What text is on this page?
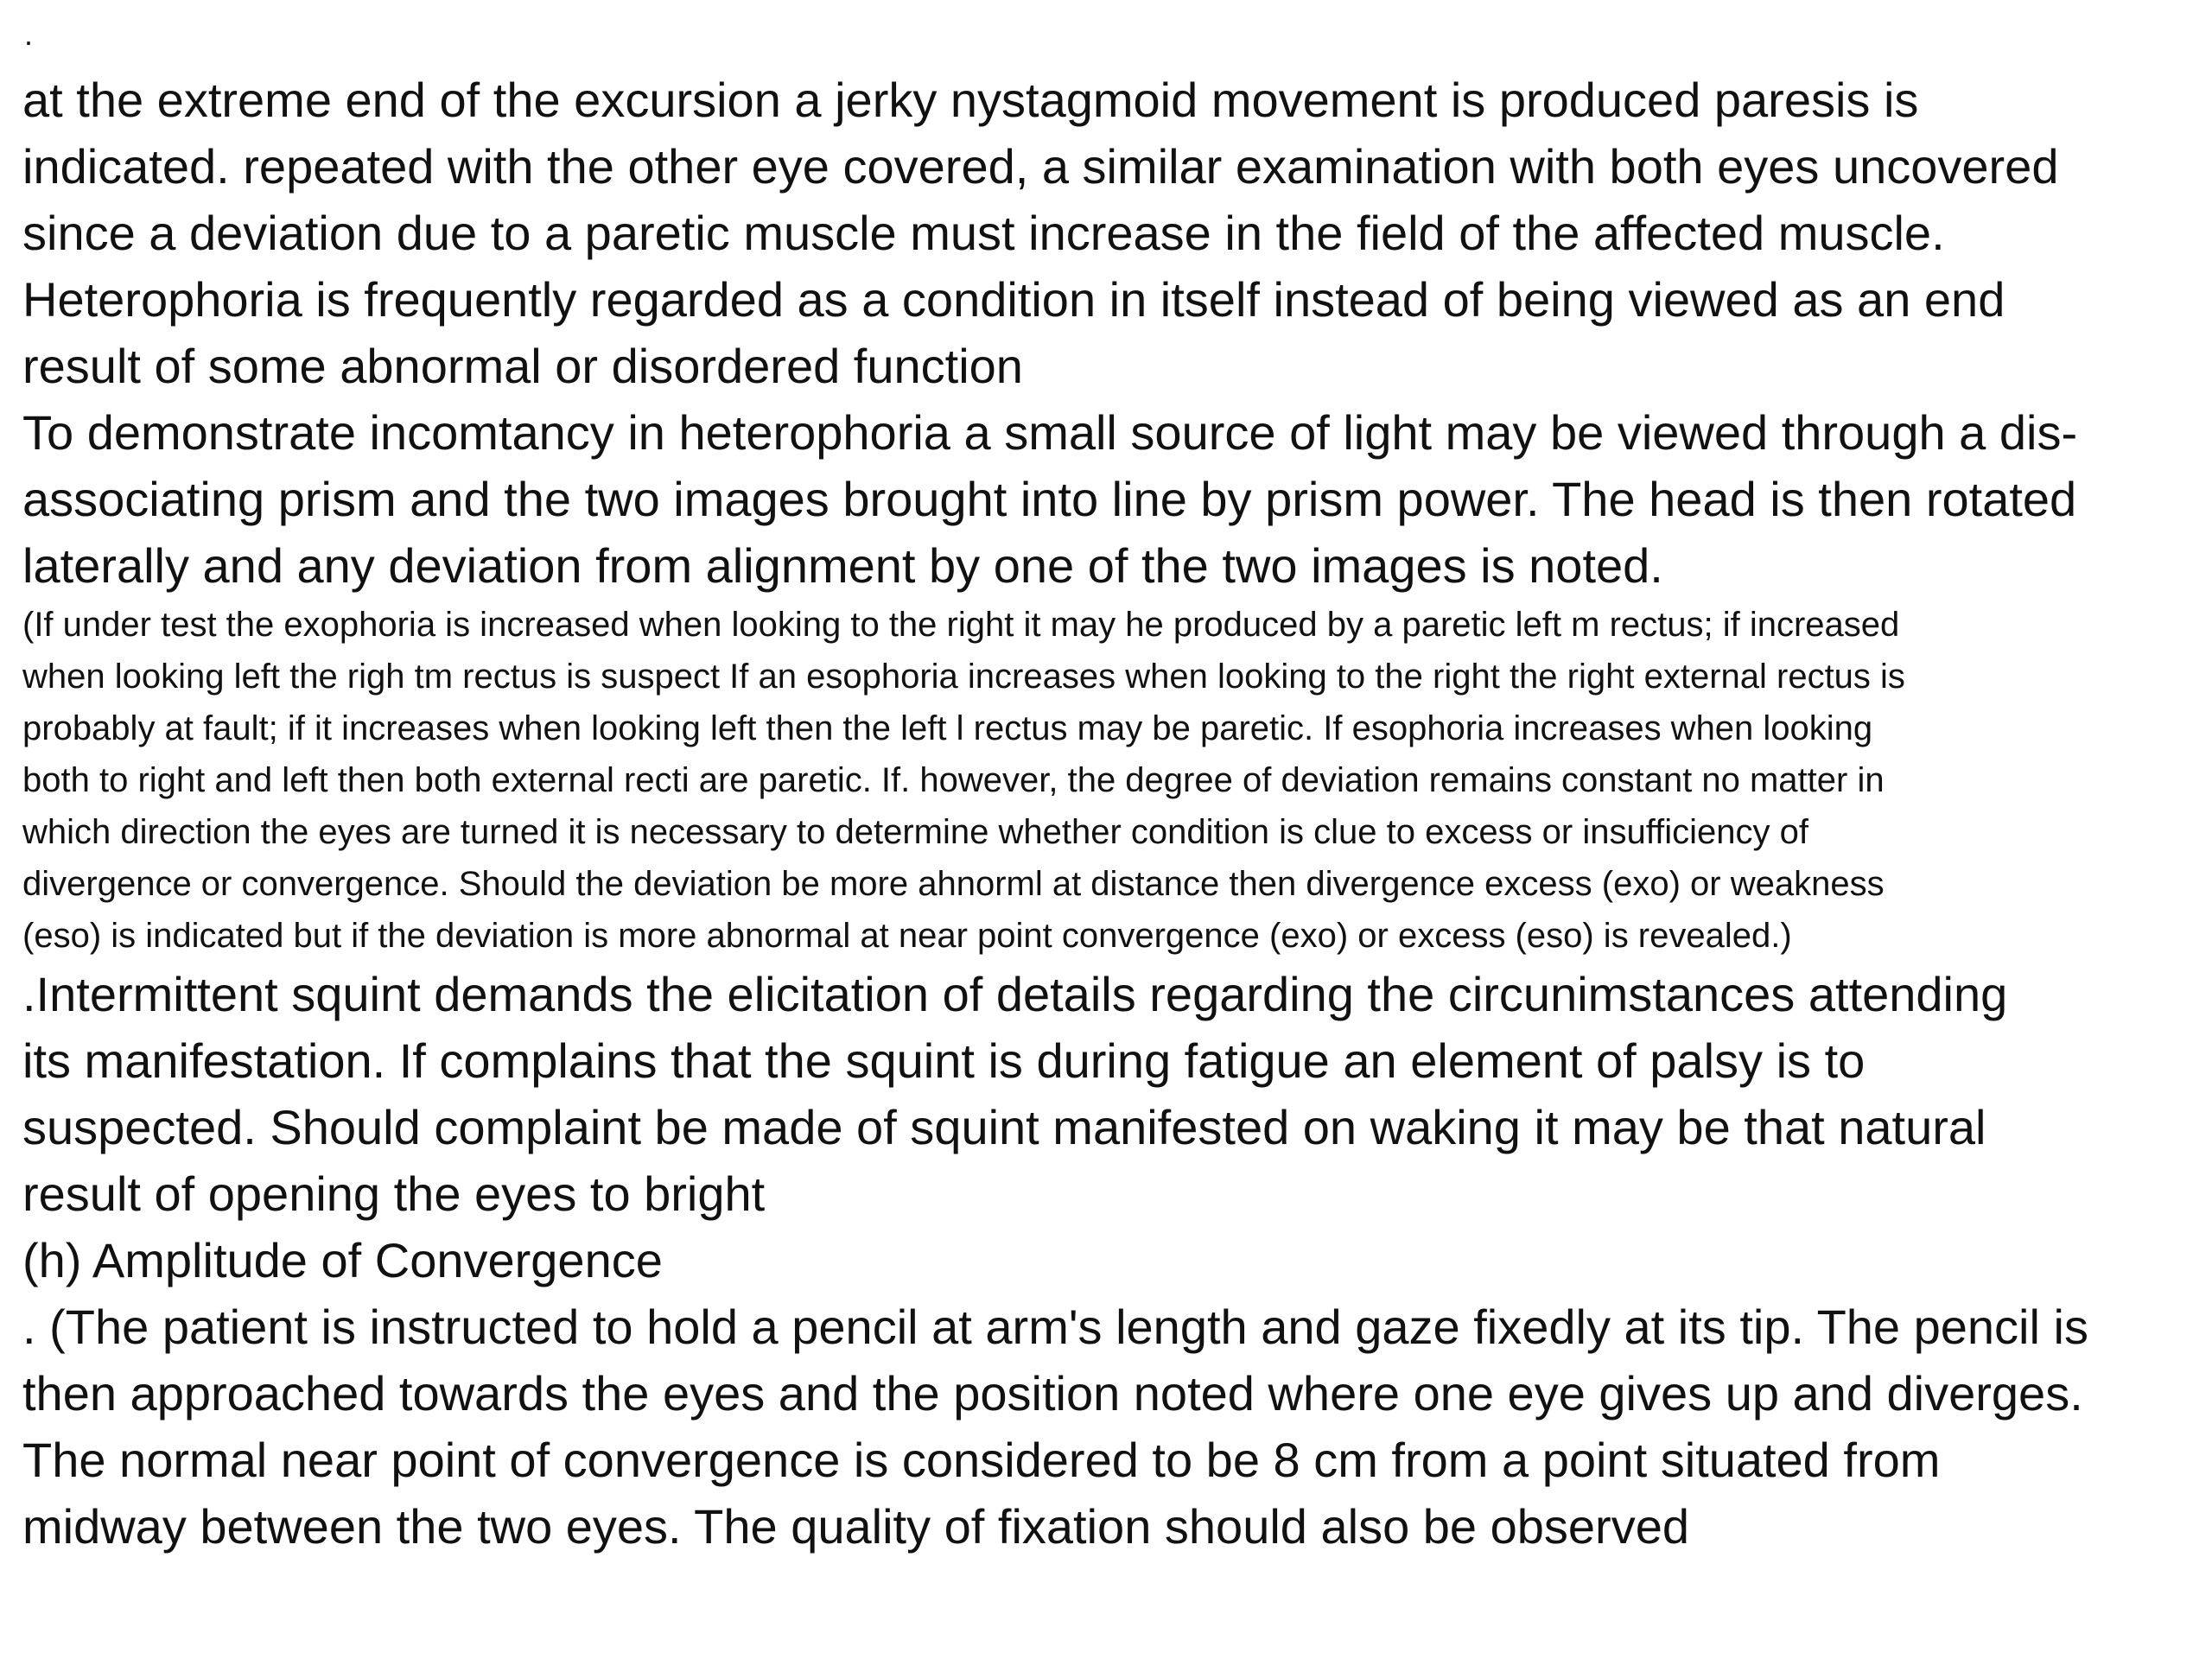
.
at the extreme end of the excursion a jerky nystagmoid movement is produced paresis is
indicated. repeated with the other eye covered, a similar examination with both eyes uncovered
since a deviation due to a paretic muscle must increase in the field of the affected muscle.
Heterophoria is frequently regarded as a condition in itself instead of being viewed as an end
result of some abnormal or disordered function
To demonstrate incomtancy in heterophoria a small source of light may be viewed through a dis-
associating prism and the two images brought into line by prism power. The head is then rotated
laterally and any deviation from alignment by one of the two images is noted.
(If under test the exophoria is increased when looking to the right it may he produced by a paretic left m rectus; if increased
when looking left the righ tm rectus is suspect If an esophoria increases when looking to the right the right external rectus is
probably at fault; if it increases when looking left then the left l rectus may be paretic. If esophoria increases when looking
both to right and left then both external recti are paretic. If. however, the degree of deviation remains constant no matter in
which direction the eyes are turned it is necessary to determine whether condition is clue to excess or insufficiency of
divergence or convergence. Should the deviation be more ahnorml at distance then divergence excess (exo) or weakness
(eso) is indicated but if the deviation is more abnormal at near point convergence (exo) or excess (eso) is revealed.)
.Intermittent squint demands the elicitation of details regarding the circunimstances attending
its manifestation. If complains that the squint is during fatigue an element of palsy is to
suspected. Should complaint be made of squint manifested on waking it may be that natural
result of opening the eyes to bright
(h) Amplitude of Convergence
. (The patient is instructed to hold a pencil at arm's length and gaze fixedly at its tip. The pencil is
then approached towards the eyes and the position noted where one eye gives up and diverges.
The normal near point of convergence is considered to be 8 cm from a point situated from
midway between the two eyes. The quality of fixation should also be observed
